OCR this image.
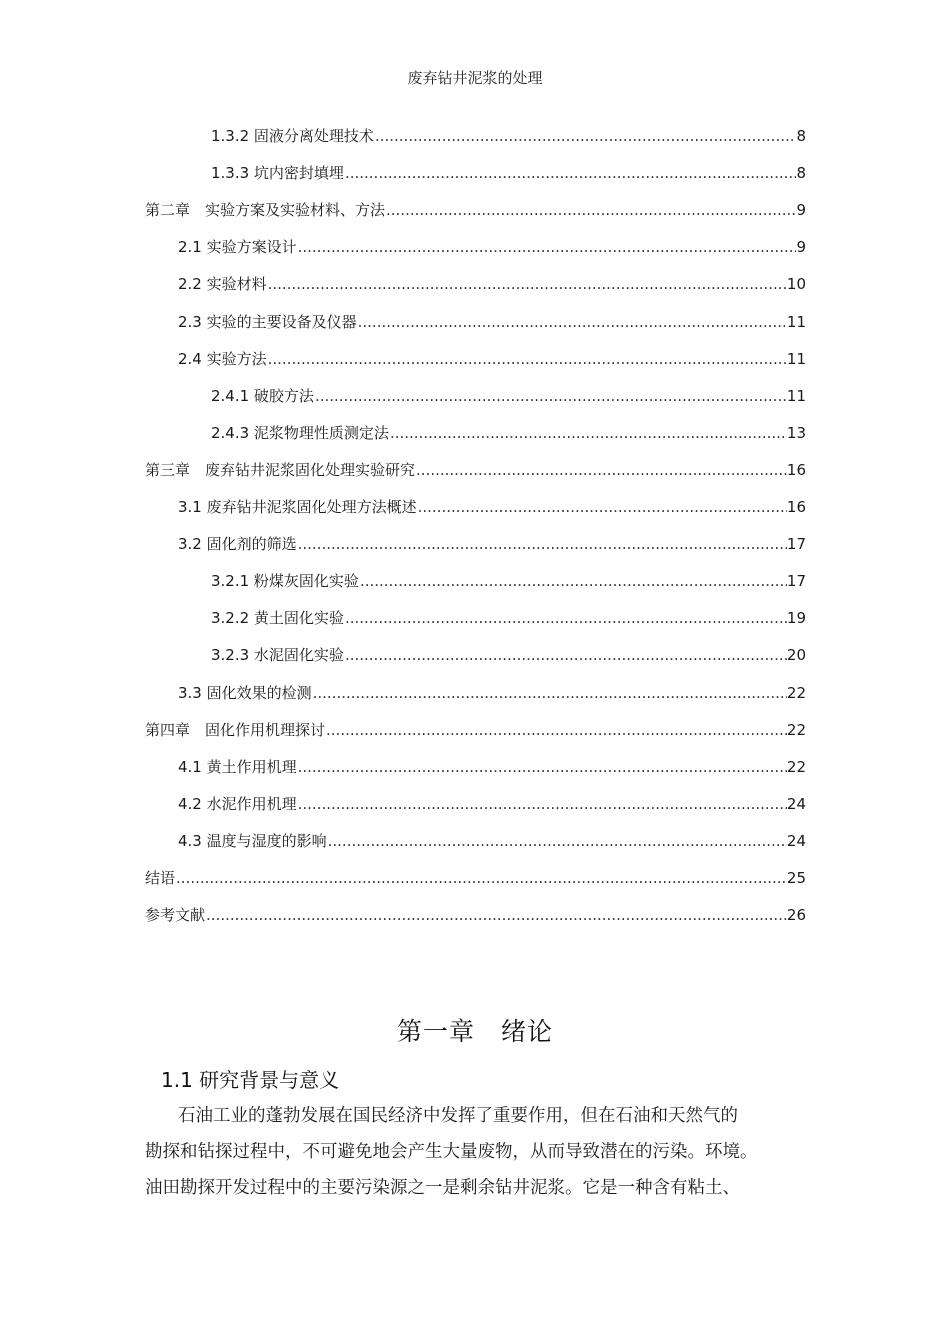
废弃钻井泥浆的处理
1.3.2 固液分离处理技术 .....	8
1.3.3 坑内密封填埋 .....	8
第二章　实验方案及实验材料、方法 .....	9
2.1 实验方案设计 .....	9
2.2 实验材料 .....	10
2.3 实验的主要设备及仪器 .....	11
2.4 实验方法 .....	11
2.4.1 破胶方法 .....	11
2.4.3 泥浆物理性质测定法 .....	13
第三章　废弃钻井泥浆固化处理实验研究 .....	16
3.1 废弃钻井泥浆固化处理方法概述 .....	16
3.2 固化剂的筛选 .....	17
3.2.1 粉煤灰固化实验 .....	17
3.2.2 黄土固化实验 .....	19
3.2.3 水泥固化实验 .....	20
3.3 固化效果的检测 .....	22
第四章　固化作用机理探讨 .....	22
4.1 黄土作用机理 .....	22
4.2 水泥作用机理 .....	24
4.3 温度与湿度的影响 .....	24
结语 .....	25
参考文献 .....	26
第一章　绪论
1.1 研究背景与意义
石油工业的蓬勃发展在国民经济中发挥了重要作用，但在石油和天然气的
勘探和钻探过程中，不可避免地会产生大量废物，从而导致潜在的污染。环境。
油田勘探开发过程中的主要污染源之一是剩余钻井泥浆。它是一种含有粘土、
